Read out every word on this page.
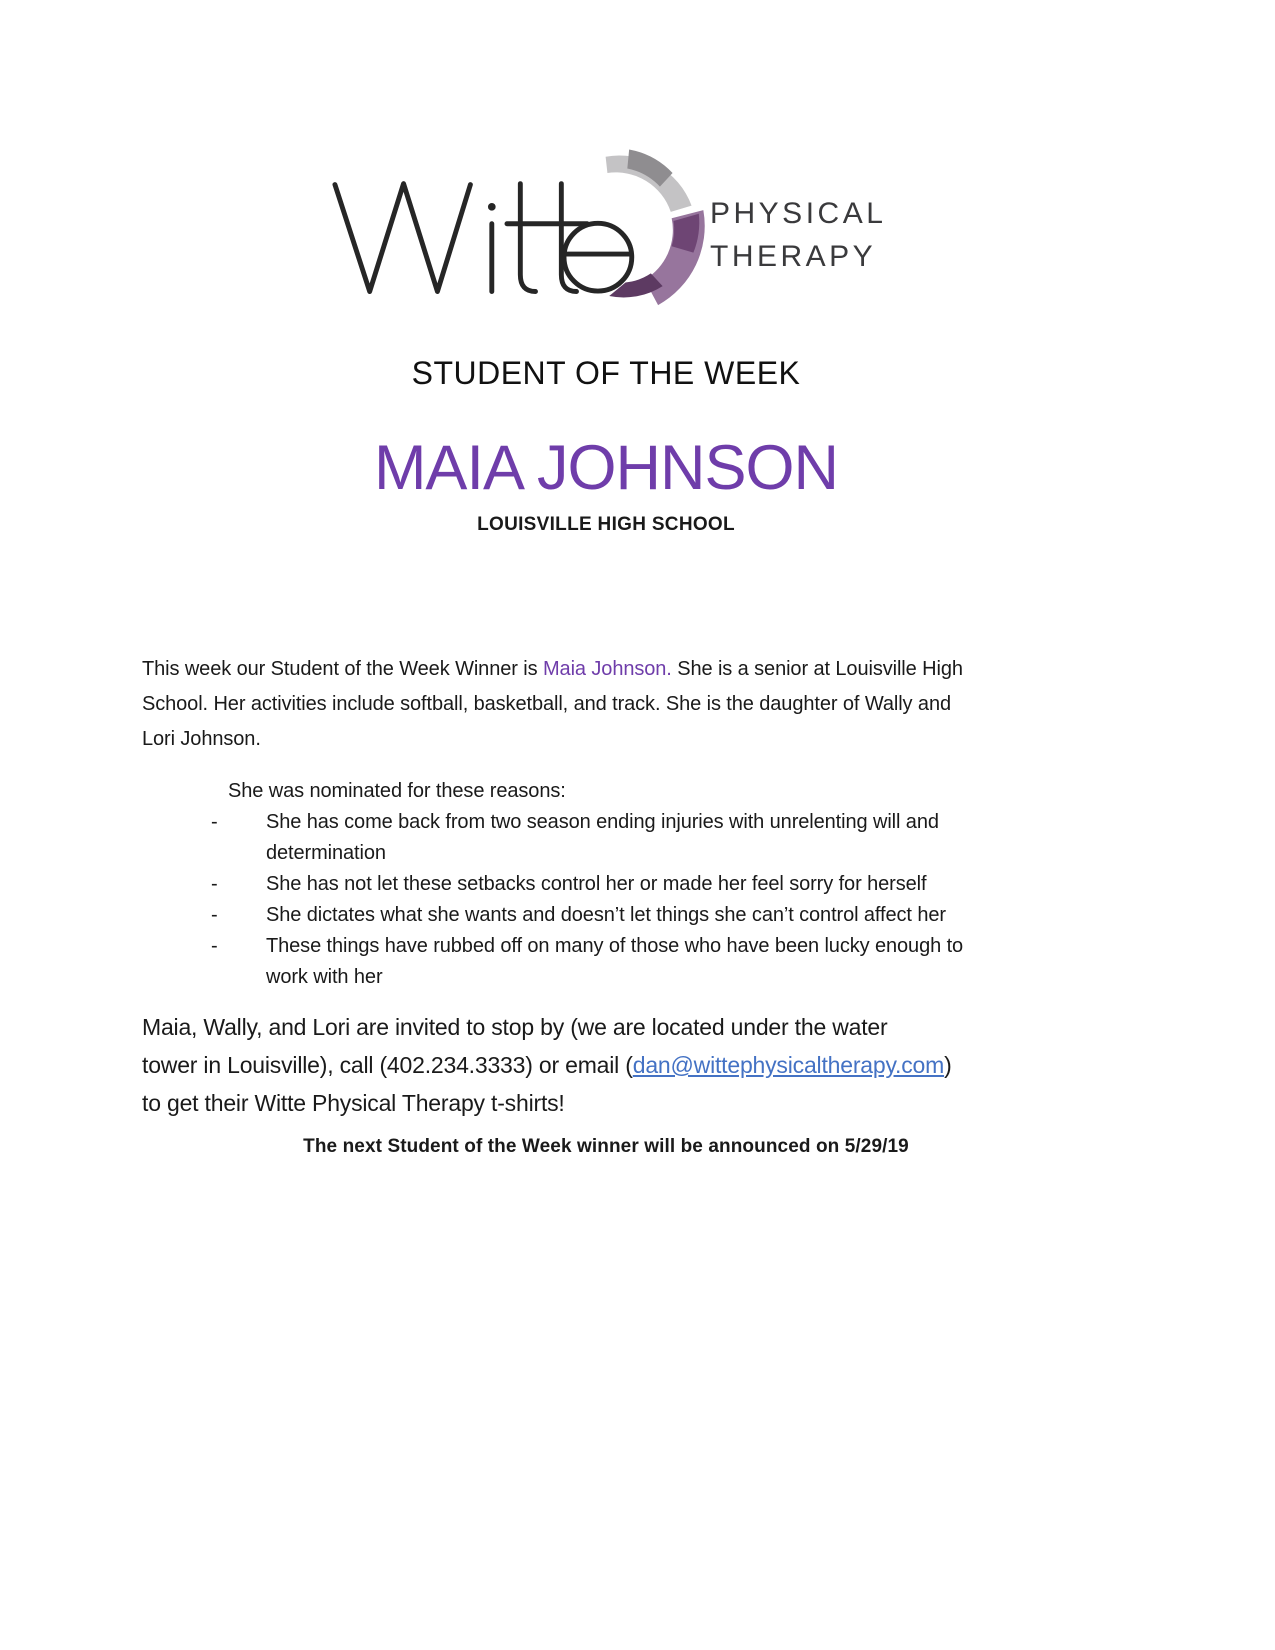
PHYSICAL
THERAPY
STUDENT OF THE WEEK
MAIA JOHNSON
LOUISVILLE HIGH SCHOOL
This week our Student of the Week Winner is Maia Johnson. She is a senior at Louisville High
School. Her activities include softball, basketball, and track. She is the daughter of Wally and
Lori Johnson.
She was nominated for these reasons:
- She has come back from two season ending injuries with unrelenting will and
determination
- She has not let these setbacks control her or made her feel sorry for herself
- She dictates what she wants and doesn’t let things she can’t control affect her
- These things have rubbed off on many of those who have been lucky enough to
work with her
Maia, Wally, and Lori are invited to stop by (we are located under the water
tower in Louisville), call (402.234.3333) or email (dan@wittephysicaltherapy.com)
to get their Witte Physical Therapy t-shirts!
The next Student of the Week winner will be announced on 5/29/19
